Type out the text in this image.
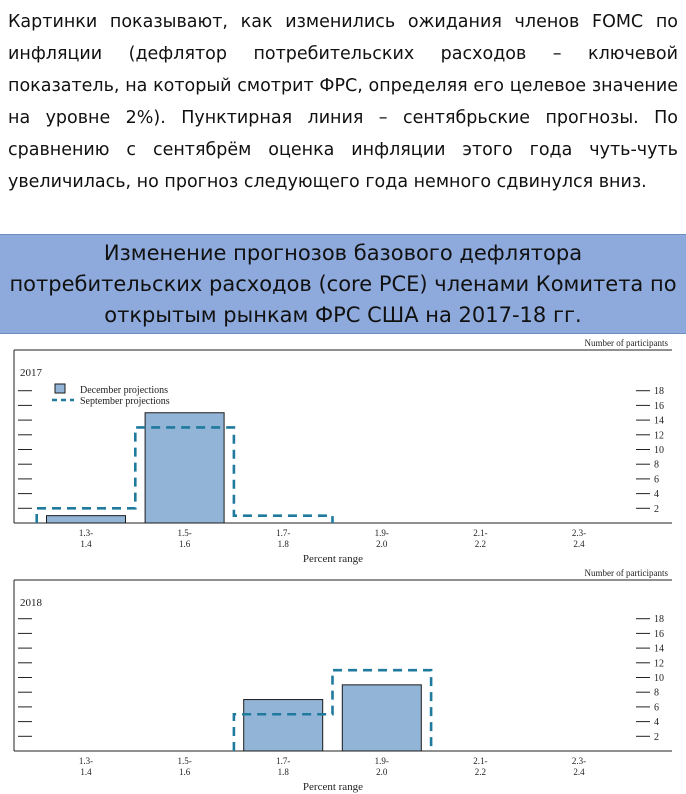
Картинки показывают, как изменились ожидания членов FOMC по инфляции (дефлятор потребительских расходов – ключевой показатель, на который смотрит ФРС, определяя его целевое значение на уровне 2%). Пунктирная линия – сентябрьские прогнозы. По сравнению с сентябрём оценка инфляции этого года чуть-чуть увеличилась, но прогноз следующего года немного сдвинулся вниз.

Изменение прогнозов базового дефлятора потребительских расходов (core PCE) членами Комитета по открытым рынкам ФРС США на 2017-18 гг.

Number of participants
2017
2
4
6
8
10
12
14
16
18
1.3-
1.4
1.5-
1.6
1.7-
1.8
1.9-
2.0
2.1-
2.2
2.3-
2.4
Percent range
December projections
September projections
Number of participants
2018
2
4
6
8
10
12
14
16
18
1.3-
1.4
1.5-
1.6
1.7-
1.8
1.9-
2.0
2.1-
2.2
2.3-
2.4
Percent range
